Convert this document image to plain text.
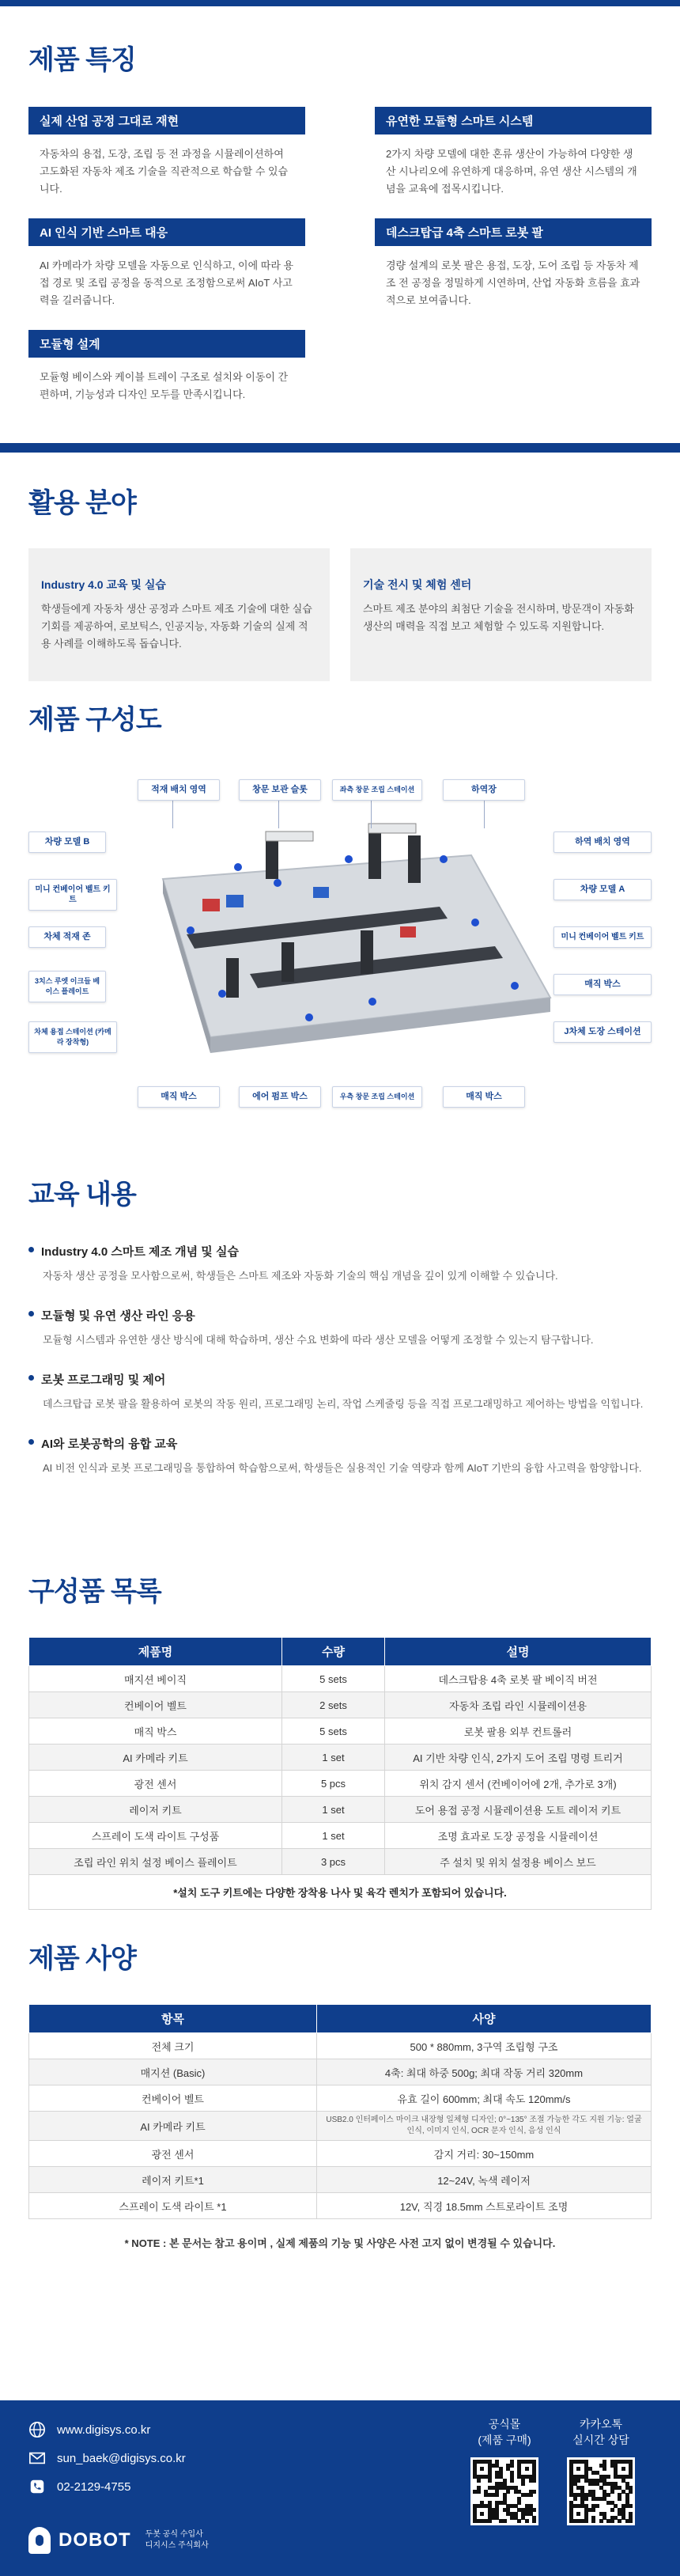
제품 특징
실제 산업 공정 그대로 재현
자동차의 용접, 도장, 조립 등 전 과정을 시뮬레이션하여 고도화된 자동차 제조 기술을 직관적으로 학습할 수 있습니다.
유연한 모듈형 스마트 시스템
2가지 차량 모델에 대한 혼류 생산이 가능하여 다양한 생산 시나리오에 유연하게 대응하며, 유연 생산 시스템의 개념을 교육에 접목시킵니다.
AI 인식 기반 스마트 대응
AI 카메라가 차량 모델을 자동으로 인식하고, 이에 따라 용접 경로 및 조립 공정을 동적으로 조정함으로써 AIoT 사고력을 길러줍니다.
데스크탑급 4축 스마트 로봇 팔
경량 설계의 로봇 팔은 용접, 도장, 도어 조립 등 자동차 제조 전 공정을 정밀하게 시연하며, 산업 자동화 흐름을 효과적으로 보여줍니다.
모듈형 설계
모듈형 베이스와 케이블 트레이 구조로 설치와 이동이 간편하며, 기능성과 디자인 모두를 만족시킵니다.
활용 분야
Industry 4.0 교육 및 실습

학생들에게 자동차 생산 공정과 스마트 제조 기술에 대한 실습 기회를 제공하여, 로보틱스, 인공지능, 자동화 기술의 실제 적용 사례를 이해하도록 돕습니다.

기술 전시 및 체험 센터

스마트 제조 분야의 최첨단 기술을 전시하며, 방문객이 자동화 생산의 매력을 직접 보고 체험할 수 있도록 지원합니다.

제품 구성도
적재 배치 영역	창문 보관 슬롯	좌측 창문 조립 스테이션	하역장
차량 모델 B	하역 배치 영역
미니 컨베이어 벨트 키트
차량 모델 A
차체 적재 존	미니 컨베이어 벨트 키트
3치스 루엣 이크들 베이스 플레이트
매직 박스
차체 용접 스테이션 (카메라 장착형)
J차체 도장 스테이션
매직 박스	에어 펌프 박스	우측 창문 조립 스테이션	매직 박스
교육 내용
Industry 4.0 스마트 제조 개념 및 실습

자동차 생산 공정을 모사함으로써, 학생들은 스마트 제조와 자동화 기술의 핵심 개념을 깊이 있게 이해할 수 있습니다.

모듈형 및 유연 생산 라인 응용

모듈형 시스템과 유연한 생산 방식에 대해 학습하며, 생산 수요 변화에 따라 생산 모델을 어떻게 조정할 수 있는지 탐구합니다.

로봇 프로그래밍 및 제어

데스크탑급 로봇 팔을 활용하여 로봇의 작동 원리, 프로그래밍 논리, 작업 스케줄링 등을 직접 프로그래밍하고 제어하는 방법을 익힙니다.

AI와 로봇공학의 융합 교육

AI 비전 인식과 로봇 프로그래밍을 통합하여 학습함으로써, 학생들은 실용적인 기술 역량과 함께 AIoT 기반의 융합 사고력을 함양합니다.

구성품 목록
제품명	수량	설명
매지션 베이직	5 sets	데스크탑용 4축 로봇 팔 베이직 버전
컨베이어 벨트	2 sets	자동차 조립 라인 시뮬레이션용
매직 박스	5 sets	로봇 팔용 외부 컨트롤러
AI 카메라 키트	1 set	AI 기반 차량 인식, 2가지 도어 조립 명령 트리거
광전 센서	5 pcs	위치 감지 센서 (컨베이어에 2개, 추가로 3개)
레이저 키트	1 set	도어 용접 공정 시뮬레이션용 도트 레이저 키트
스프레이 도색 라이트 구성품	1 set	조명 효과로 도장 공정을 시뮬레이션
조립 라인 위치 설정 베이스 플레이트	3 pcs	주 설치 및 위치 설정용 베이스 보드
*설치 도구 키트에는 다양한 장착용 나사 및 육각 렌치가 포함되어 있습니다.		
제품 사양
항목	사양
전체 크기	500 * 880mm, 3구역 조립형 구조
매지션 (Basic)	4축: 최대 하중 500g; 최대 작동 거리 320mm
컨베이어 벨트	유효 길이 600mm; 최대 속도 120mm/s
AI 카메라 키트	USB2.0 인터페이스 마이크 내장형 일체형 디자인; 0°~135° 조절 가능한 각도 지원 기능: 얼굴 인식, 이미지 인식, OCR 문자 인식, 음성 인식
광전 센서	감지 거리: 30~150mm
레이저 키트*1	12~24V, 녹색 레이저
스프레이 도색 라이트 *1	12V, 직경 18.5mm 스트로라이트 조명
* NOTE : 본 문서는 참고 용이며 , 실제 제품의 기능 및 사양은 사전 고지 없이 변경될 수 있습니다.
www.digisys.co.kr
sun_baek@digisys.co.kr
02-2129-4755
DOBOT 두봇 공식 수입사
디지시스 주식회사
공식몰
(제품 구매)
카카오톡
실시간 상담
